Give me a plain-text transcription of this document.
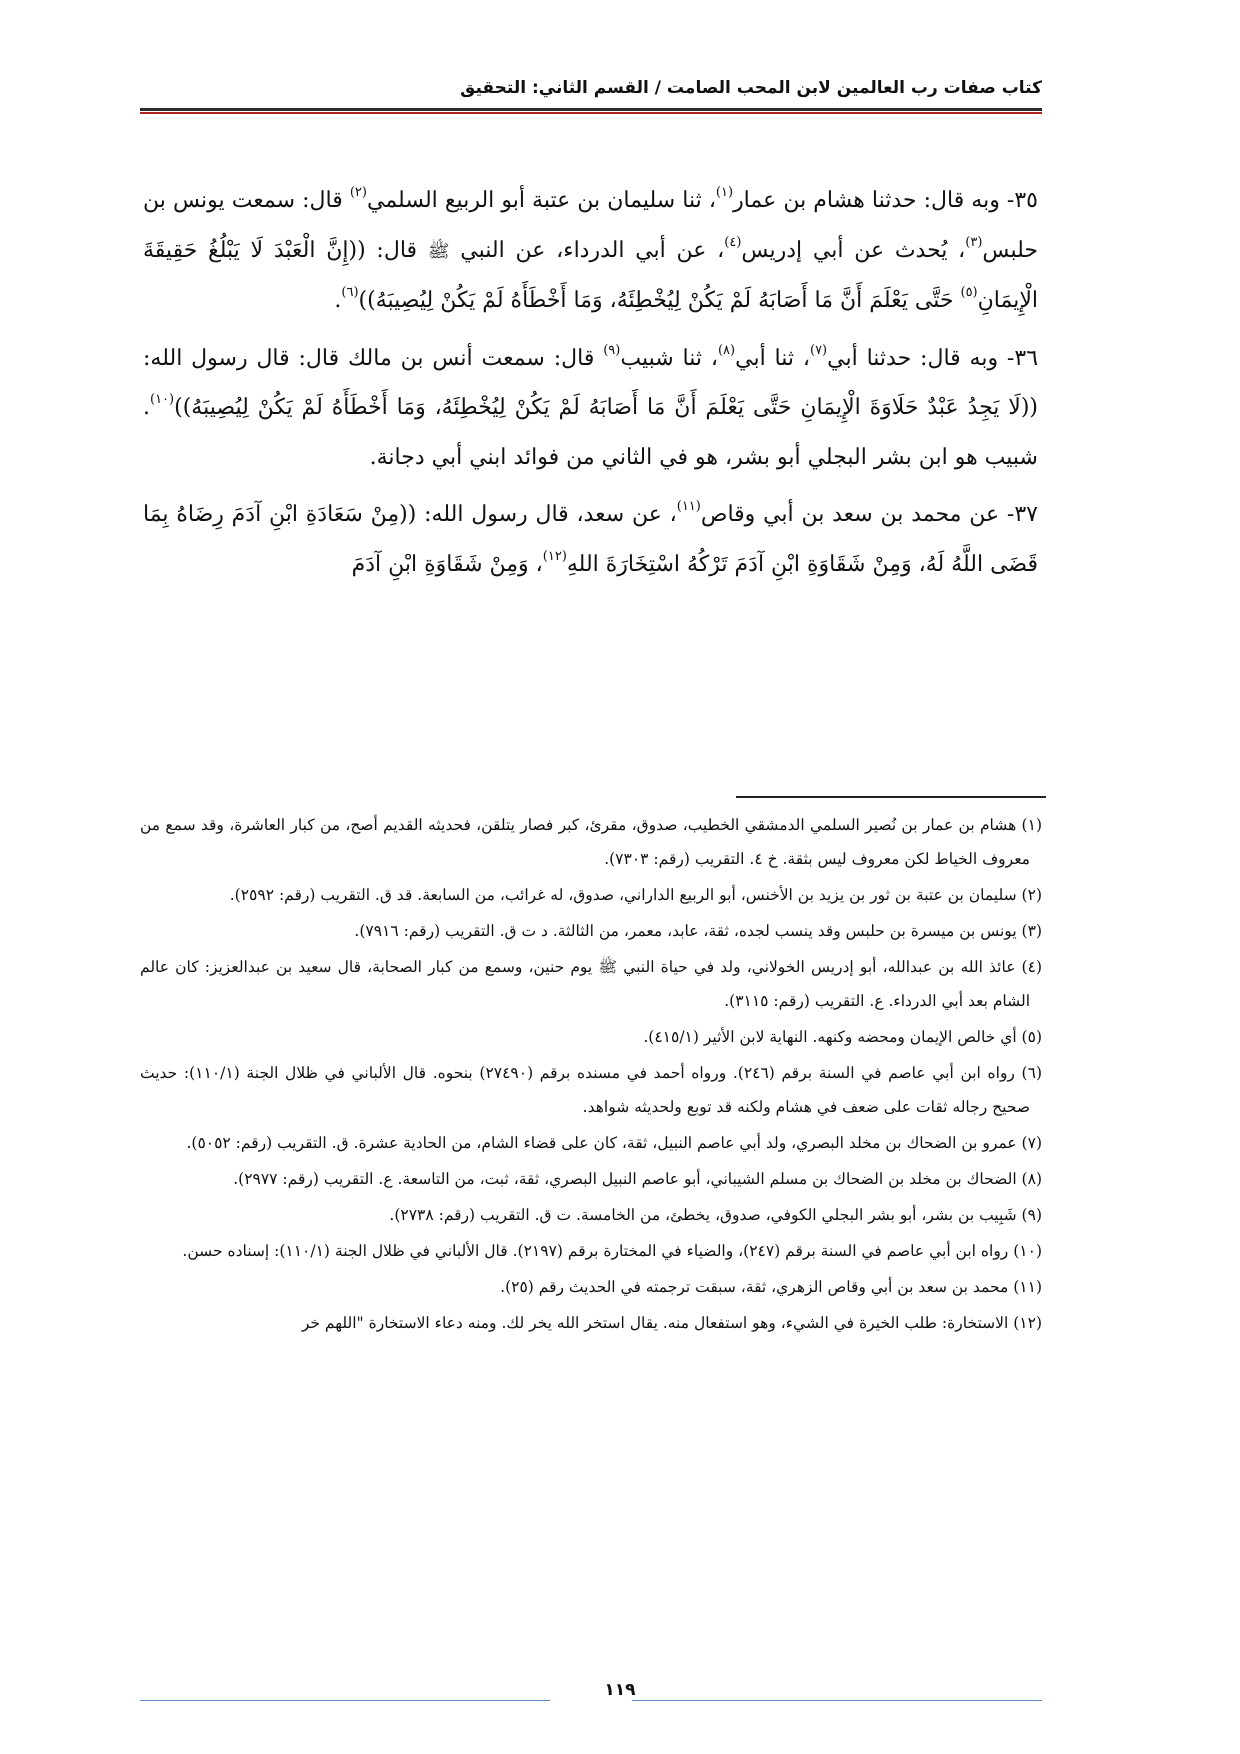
كتاب صفات رب العالمين لابن المحب الصامت / القسم الثاني: التحقيق

٣٥- وبه قال: حدثنا هشام بن عمار$^{(١)}$، ثنا سليمان بن عتبة أبو الربيع السلمي$^{(٢)}$ قال: سمعت يونس بن حلبس$^{(٣)}$، يُحدث عن أبي إدريس$^{(٤)}$، عن أبي الدرداء، عن النبي ﷺ قال: ((إِنَّ الْعَبْدَ لَا يَبْلُغُ حَقِيقَةَ الْإِيمَانِ$^{(٥)}$ حَتَّى يَعْلَمَ أَنَّ مَا أَصَابَهُ لَمْ يَكُنْ لِيُخْطِئَهُ، وَمَا أَخْطَأَهُ لَمْ يَكُنْ لِيُصِيبَهُ))$^{(٦)}$.

٣٦- وبه قال: حدثنا أبي$^{(٧)}$، ثنا أبي$^{(٨)}$، ثنا شبيب$^{(٩)}$ قال: سمعت أنس بن مالك قال: قال رسول الله: ((لَا يَجِدُ عَبْدٌ حَلَاوَةَ الْإِيمَانِ حَتَّى يَعْلَمَ أَنَّ مَا أَصَابَهُ لَمْ يَكُنْ لِيُخْطِئَهُ، وَمَا أَخْطَأَهُ لَمْ يَكُنْ لِيُصِيبَهُ))$^{(١٠)}$. شبيب هو ابن بشر البجلي أبو بشر، هو في الثاني من فوائد ابني أبي دجانة.

٣٧- عن محمد بن سعد بن أبي وقاص$^{(١١)}$، عن سعد، قال رسول الله: ((مِنْ سَعَادَةِ ابْنِ آدَمَ رِضَاهُ بِمَا قَضَى اللَّهُ لَهُ، وَمِنْ شَقَاوَةِ ابْنِ آدَمَ تَرْكُهُ اسْتِخَارَةَ اللهِ$^{(١٢)}$، وَمِنْ شَقَاوَةِ ابْنِ آدَمَ

(١) هشام بن عمار بن نُصير السلمي الدمشقي الخطيب، صدوق، مقرئ، كبر فصار يتلقن، فحديثه القديم أصح، من كبار العاشرة، وقد سمع من معروف الخياط لكن معروف ليس بثقة. خ ٤. التقريب (رقم: ٧٣٠٣).

(٢) سليمان بن عتبة بن ثور بن يزيد بن الأخنس، أبو الربيع الداراني، صدوق، له غرائب، من السابعة. قد ق. التقريب (رقم: ٢٥٩٢).

(٣) يونس بن ميسرة بن حلبس وقد ينسب لجده، ثقة، عابد، معمر، من الثالثة. د ت ق. التقريب (رقم: ٧٩١٦).

(٤) عائذ الله بن عبدالله، أبو إدريس الخولاني، ولد في حياة النبي ﷺ يوم حنين، وسمع من كبار الصحابة، قال سعيد بن عبدالعزيز: كان عالم الشام بعد أبي الدرداء. ع. التقريب (رقم: ٣١١٥).

(٥) أي خالص الإيمان ومحضه وكنهه. النهاية لابن الأثير (٤١٥/١).

(٦) رواه ابن أبي عاصم في السنة برقم (٢٤٦). ورواه أحمد في مسنده برقم (٢٧٤٩٠) بنحوه. قال الألباني في ظلال الجنة (١١٠/١): حديث صحيح رجاله ثقات على ضعف في هشام ولكنه قد توبع ولحديثه شواهد.

(٧) عمرو بن الضحاك بن مخلد البصري، ولد أبي عاصم النبيل، ثقة، كان على قضاء الشام، من الحادية عشرة. ق. التقريب (رقم: ٥٠٥٢).

(٨) الضحاك بن مخلد بن الضحاك بن مسلم الشيباني، أبو عاصم النبيل البصري، ثقة، ثبت، من التاسعة. ع. التقريب (رقم: ٢٩٧٧).

(٩) شَبِيب بن بشر، أبو بشر البجلي الكوفي، صدوق، يخطئ، من الخامسة. ت ق. التقريب (رقم: ٢٧٣٨).

(١٠) رواه ابن أبي عاصم في السنة برقم (٢٤٧)، والضياء في المختارة برقم (٢١٩٧). قال الألباني في ظلال الجنة (١١٠/١): إسناده حسن.

(١١) محمد بن سعد بن أبي وقاص الزهري، ثقة، سبقت ترجمته في الحديث رقم (٢٥).

(١٢) الاستخارة: طلب الخيرة في الشيء، وهو استفعال منه. يقال استخر الله يخر لك. ومنه دعاء الاستخارة "اللهم خر

١١٩
